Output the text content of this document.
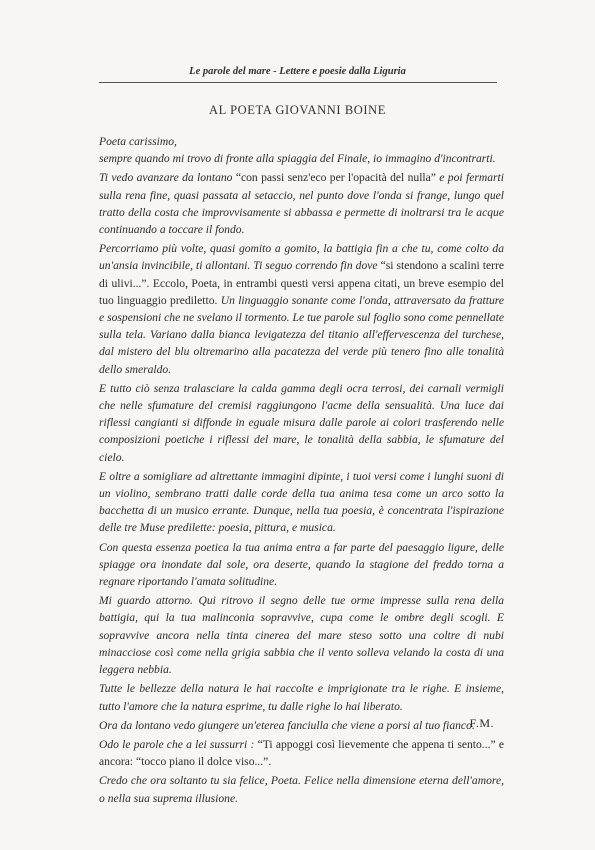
Le parole del mare - Lettere e poesie dalla Liguria
AL POETA GIOVANNI BOINE

Poeta carissimo,

sempre quando mi trovo di fronte alla spiaggia del Finale, io immagino d'incontrarti.

Ti vedo avanzare da lontano “con passi senz'eco per l'opacità del nulla” e poi fermarti sulla rena fine, quasi passata al setaccio, nel punto dove l'onda si frange, lungo quel tratto della costa che improvvisamente si abbassa e permette di inoltrarsi tra le acque continuando a toccare il fondo.

Percorriamo più volte, quasi gomito a gomito, la battigia fin a che tu, come colto da un'ansia invincibile, ti allontani. Ti seguo correndo fin dove “si stendono a scalini terre di ulivi...”. Eccolo, Poeta, in entrambi questi versi appena citati, un breve esempio del tuo linguaggio prediletto. Un linguaggio sonante come l'onda, attraversato da fratture e sospensioni che ne svelano il tormento. Le tue parole sul foglio sono come pennellate sulla tela. Variano dalla bianca levigatezza del titanio all'effervescenza del turchese, dal mistero del blu oltremarino alla pacatezza del verde più tenero fino alle tonalità dello smeraldo.

E tutto ciò senza tralasciare la calda gamma degli ocra terrosi, dei carnali vermigli che nelle sfumature del cremisi raggiungono l'acme della sensualità. Una luce dai riflessi cangianti si diffonde in eguale misura dalle parole ai colori trasferendo nelle composizioni poetiche i riflessi del mare, le tonalità della sabbia, le sfumature del cielo.

E oltre a somigliare ad altrettante immagini dipinte, i tuoi versi come i lunghi suoni di un violino, sembrano tratti dalle corde della tua anima tesa come un arco sotto la bacchetta di un musico errante. Dunque, nella tua poesia, è concentrata l'ispirazione delle tre Muse predilette: poesia, pittura, e musica.

Con questa essenza poetica la tua anima entra a far parte del paesaggio ligure, delle spiagge ora inondate dal sole, ora deserte, quando la stagione del freddo torna a regnare riportando l'amata solitudine.

Mi guardo attorno. Qui ritrovo il segno delle tue orme impresse sulla rena della battigia, qui la tua malinconia sopravvive, cupa come le ombre degli scogli. E sopravvive ancora nella tinta cinerea del mare steso sotto una coltre di nubi minacciose così come nella grigia sabbia che il vento solleva velando la costa di una leggera nebbia.

Tutte le bellezze della natura le hai raccolte e imprigionate tra le righe. E insieme, tutto l'amore che la natura esprime, tu dalle righe lo hai liberato.

Ora da lontano vedo giungere un'eterea fanciulla che viene a porsi al tuo fianco.

Odo le parole che a lei sussurri : “Ti appoggi così lievemente che appena ti sento...” e ancora: “tocco piano il dolce viso...”.

Credo che ora soltanto tu sia felice, Poeta. Felice nella dimensione eterna dell'amore, o nella sua suprema illusione.

F.M.
